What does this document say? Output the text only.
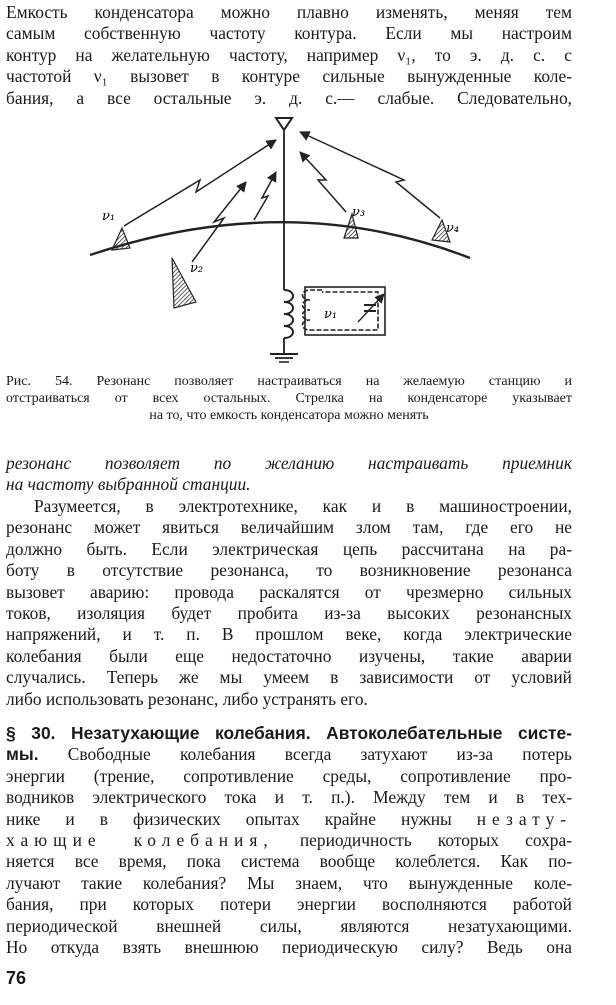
Емкость конденсатора можно плавно изменять, меняя тем
самым собственную частоту контура. Если мы настроим
контур на желательную частоту, например ν₁, то э. д. с. с
частотой ν₁ вызовет в контуре сильные вынужденные коле-
бания, а все остальные э. д. с.— слабые. Следовательно,
ν₁
ν₂
ν₃
ν₄
ν₁
Рис. 54. Резонанс позволяет настраиваться на желаемую станцию и
отстраиваться от всех остальных. Стрелка на конденсаторе указывает
на то, что емкость конденсатора можно менять
резонанс позволяет по желанию настраивать приемник
на частоту выбранной станции.
Разумеется, в электротехнике, как и в машиностроении,
резонанс может явиться величайшим злом там, где его не
должно быть. Если электрическая цепь рассчитана на ра-
боту в отсутствие резонанса, то возникновение резонанса
вызовет аварию: провода раскалятся от чрезмерно сильных
токов, изоляция будет пробита из-за высоких резонансных
напряжений, и т. п. В прошлом веке, когда электрические
колебания были еще недостаточно изучены, такие аварии
случались. Теперь же мы умеем в зависимости от условий
либо использовать резонанс, либо устранять его.
§ 30. Незатухающие колебания. Автоколебательные систе-
мы. Свободные колебания всегда затухают из-за потерь
энергии (трение, сопротивление среды, сопротивление про-
водников электрического тока и т. п.). Между тем и в тех-
нике и в физических опытах крайне нужны незату-
хающие колебания, периодичность которых сохра-
няется все время, пока система вообще колеблется. Как по-
лучают такие колебания? Мы знаем, что вынужденные коле-
бания, при которых потери энергии восполняются работой
периодической внешней силы, являются незатухающими.
Но откуда взять внешнюю периодическую силу? Ведь она
76
